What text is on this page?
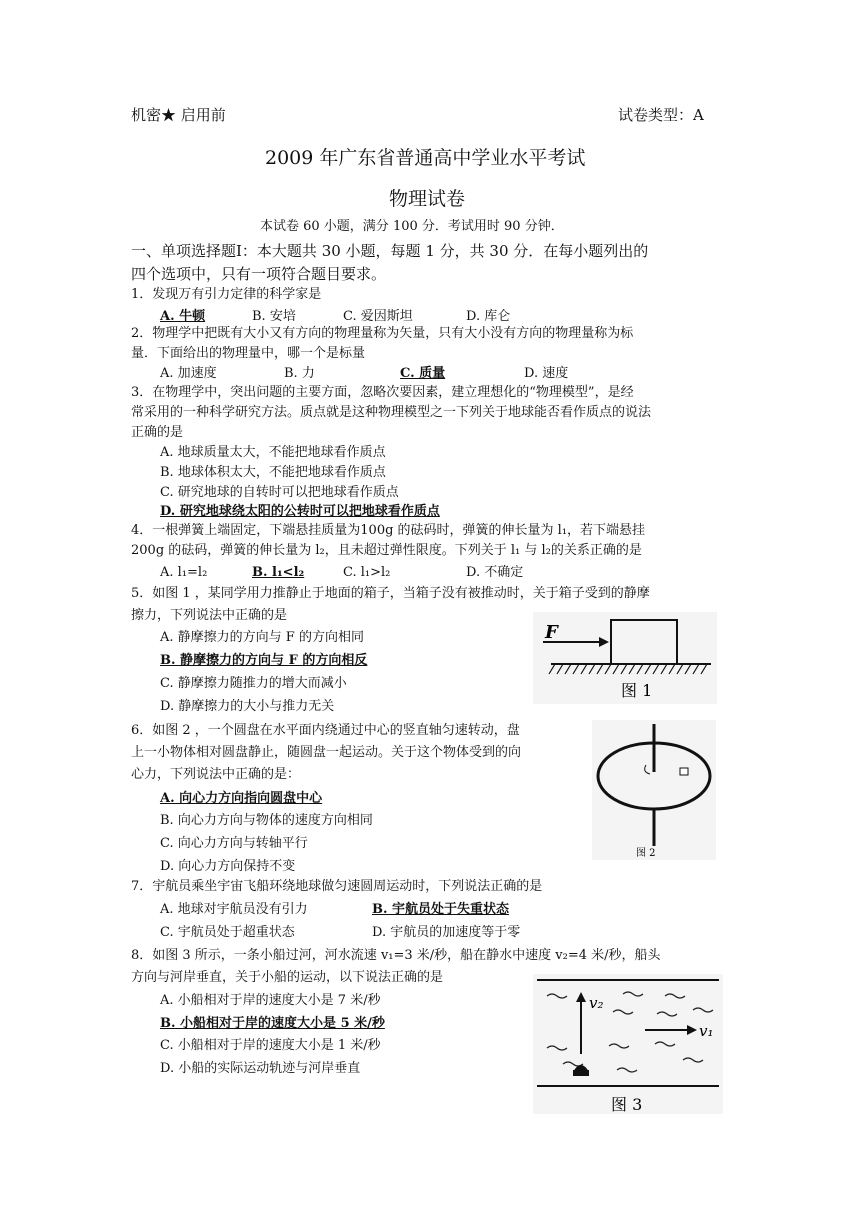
机密★ 启用前	试卷类型：A
2009 年广东省普通高中学业水平考试
物理试卷
本试卷 60 小题，满分 100 分．考试用时 90 分钟．
一、单项选择题Ⅰ：本大题共 30 小题，每题 1 分，共 30 分．在每小题列出的
四个选项中，只有一项符合题目要求。
1．发现万有引力定律的科学家是
A. 牛顿	B. 安培	C. 爱因斯坦	D. 库仑
2．物理学中把既有大小又有方向的物理量称为矢量，只有大小没有方向的物理量称为标
量．下面给出的物理量中，哪一个是标量
A. 加速度	B. 力	C. 质量	D. 速度
3．在物理学中，突出问题的主要方面，忽略次要因素，建立理想化的“物理模型”，是经
常采用的一种科学研究方法。质点就是这种物理模型之一下列关于地球能否看作质点的说法
正确的是
A. 地球质量太大，不能把地球看作质点
B. 地球体积太大，不能把地球看作质点
C. 研究地球的自转时可以把地球看作质点
D. 研究地球绕太阳的公转时可以把地球看作质点
4．一根弹簧上端固定，下端悬挂质量为100g 的砝码时，弹簧的伸长量为 l₁，若下端悬挂
200g 的砝码，弹簧的伸长量为 l₂，且未超过弹性限度。下列关于 l₁ 与 l₂的关系正确的是
A. l₁=l₂	B. l₁<l₂	C. l₁>l₂	D. 不确定
5．如图 1 ，某同学用力推静止于地面的箱子，当箱子没有被推动时，关于箱子受到的静摩
擦力，下列说法中正确的是
A. 静摩擦力的方向与 F 的方向相同
B. 静摩擦力的方向与 F 的方向相反
C. 静摩擦力随推力的增大而减小
D. 静摩擦力的大小与推力无关
F
图 1
6．如图 2 ，一个圆盘在水平面内绕通过中心的竖直轴匀速转动，盘
上一小物体相对圆盘静止，随圆盘一起运动。关于这个物体受到的向
心力，下列说法中正确的是：
A. 向心力方向指向圆盘中心
B. 向心力方向与物体的速度方向相同
C. 向心力方向与转轴平行
D. 向心力方向保持不变
图 2
7．宇航员乘坐宇宙飞船环绕地球做匀速圆周运动时，下列说法正确的是
A. 地球对宇航员没有引力	B. 宇航员处于失重状态
C. 宇航员处于超重状态	D. 宇航员的加速度等于零
8．如图 3 所示，一条小船过河，河水流速 v₁=3 米/秒，船在静水中速度 v₂=4 米/秒，船头
方向与河岸垂直，关于小船的运动，以下说法正确的是
A. 小船相对于岸的速度大小是 7 米/秒
B. 小船相对于岸的速度大小是 5 米/秒
C. 小船相对于岸的速度大小是 1 米/秒
D. 小船的实际运动轨迹与河岸垂直
v₂
v₁
图 3
